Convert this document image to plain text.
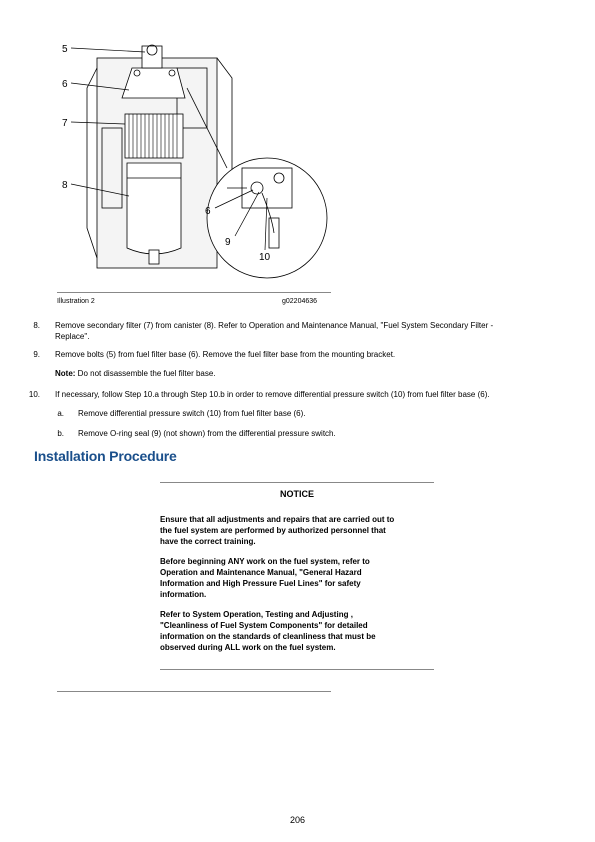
5
6
7
8
6
9
10
Illustration 2	g02204636
8. Remove secondary filter (7) from canister (8). Refer to Operation and Maintenance Manual, "Fuel System Secondary Filter -
Replace".
9. Remove bolts (5) from fuel filter base (6). Remove the fuel filter base from the mounting bracket.
Note: Do not disassemble the fuel filter base.
10. If necessary, follow Step 10.a through Step 10.b in order to remove differential pressure switch (10) from fuel filter base (6).
a. Remove differential pressure switch (10) from fuel filter base (6).
b. Remove O-ring seal (9) (not shown) from the differential pressure switch.
Installation Procedure
NOTICE
Ensure that all adjustments and repairs that are carried out to
the fuel system are performed by authorized personnel that
have the correct training.
Before beginning ANY work on the fuel system, refer to
Operation and Maintenance Manual, "General Hazard
Information and High Pressure Fuel Lines" for safety
information.
Refer to System Operation, Testing and Adjusting ,
"Cleanliness of Fuel System Components" for detailed
information on the standards of cleanliness that must be
observed during ALL work on the fuel system.
206
